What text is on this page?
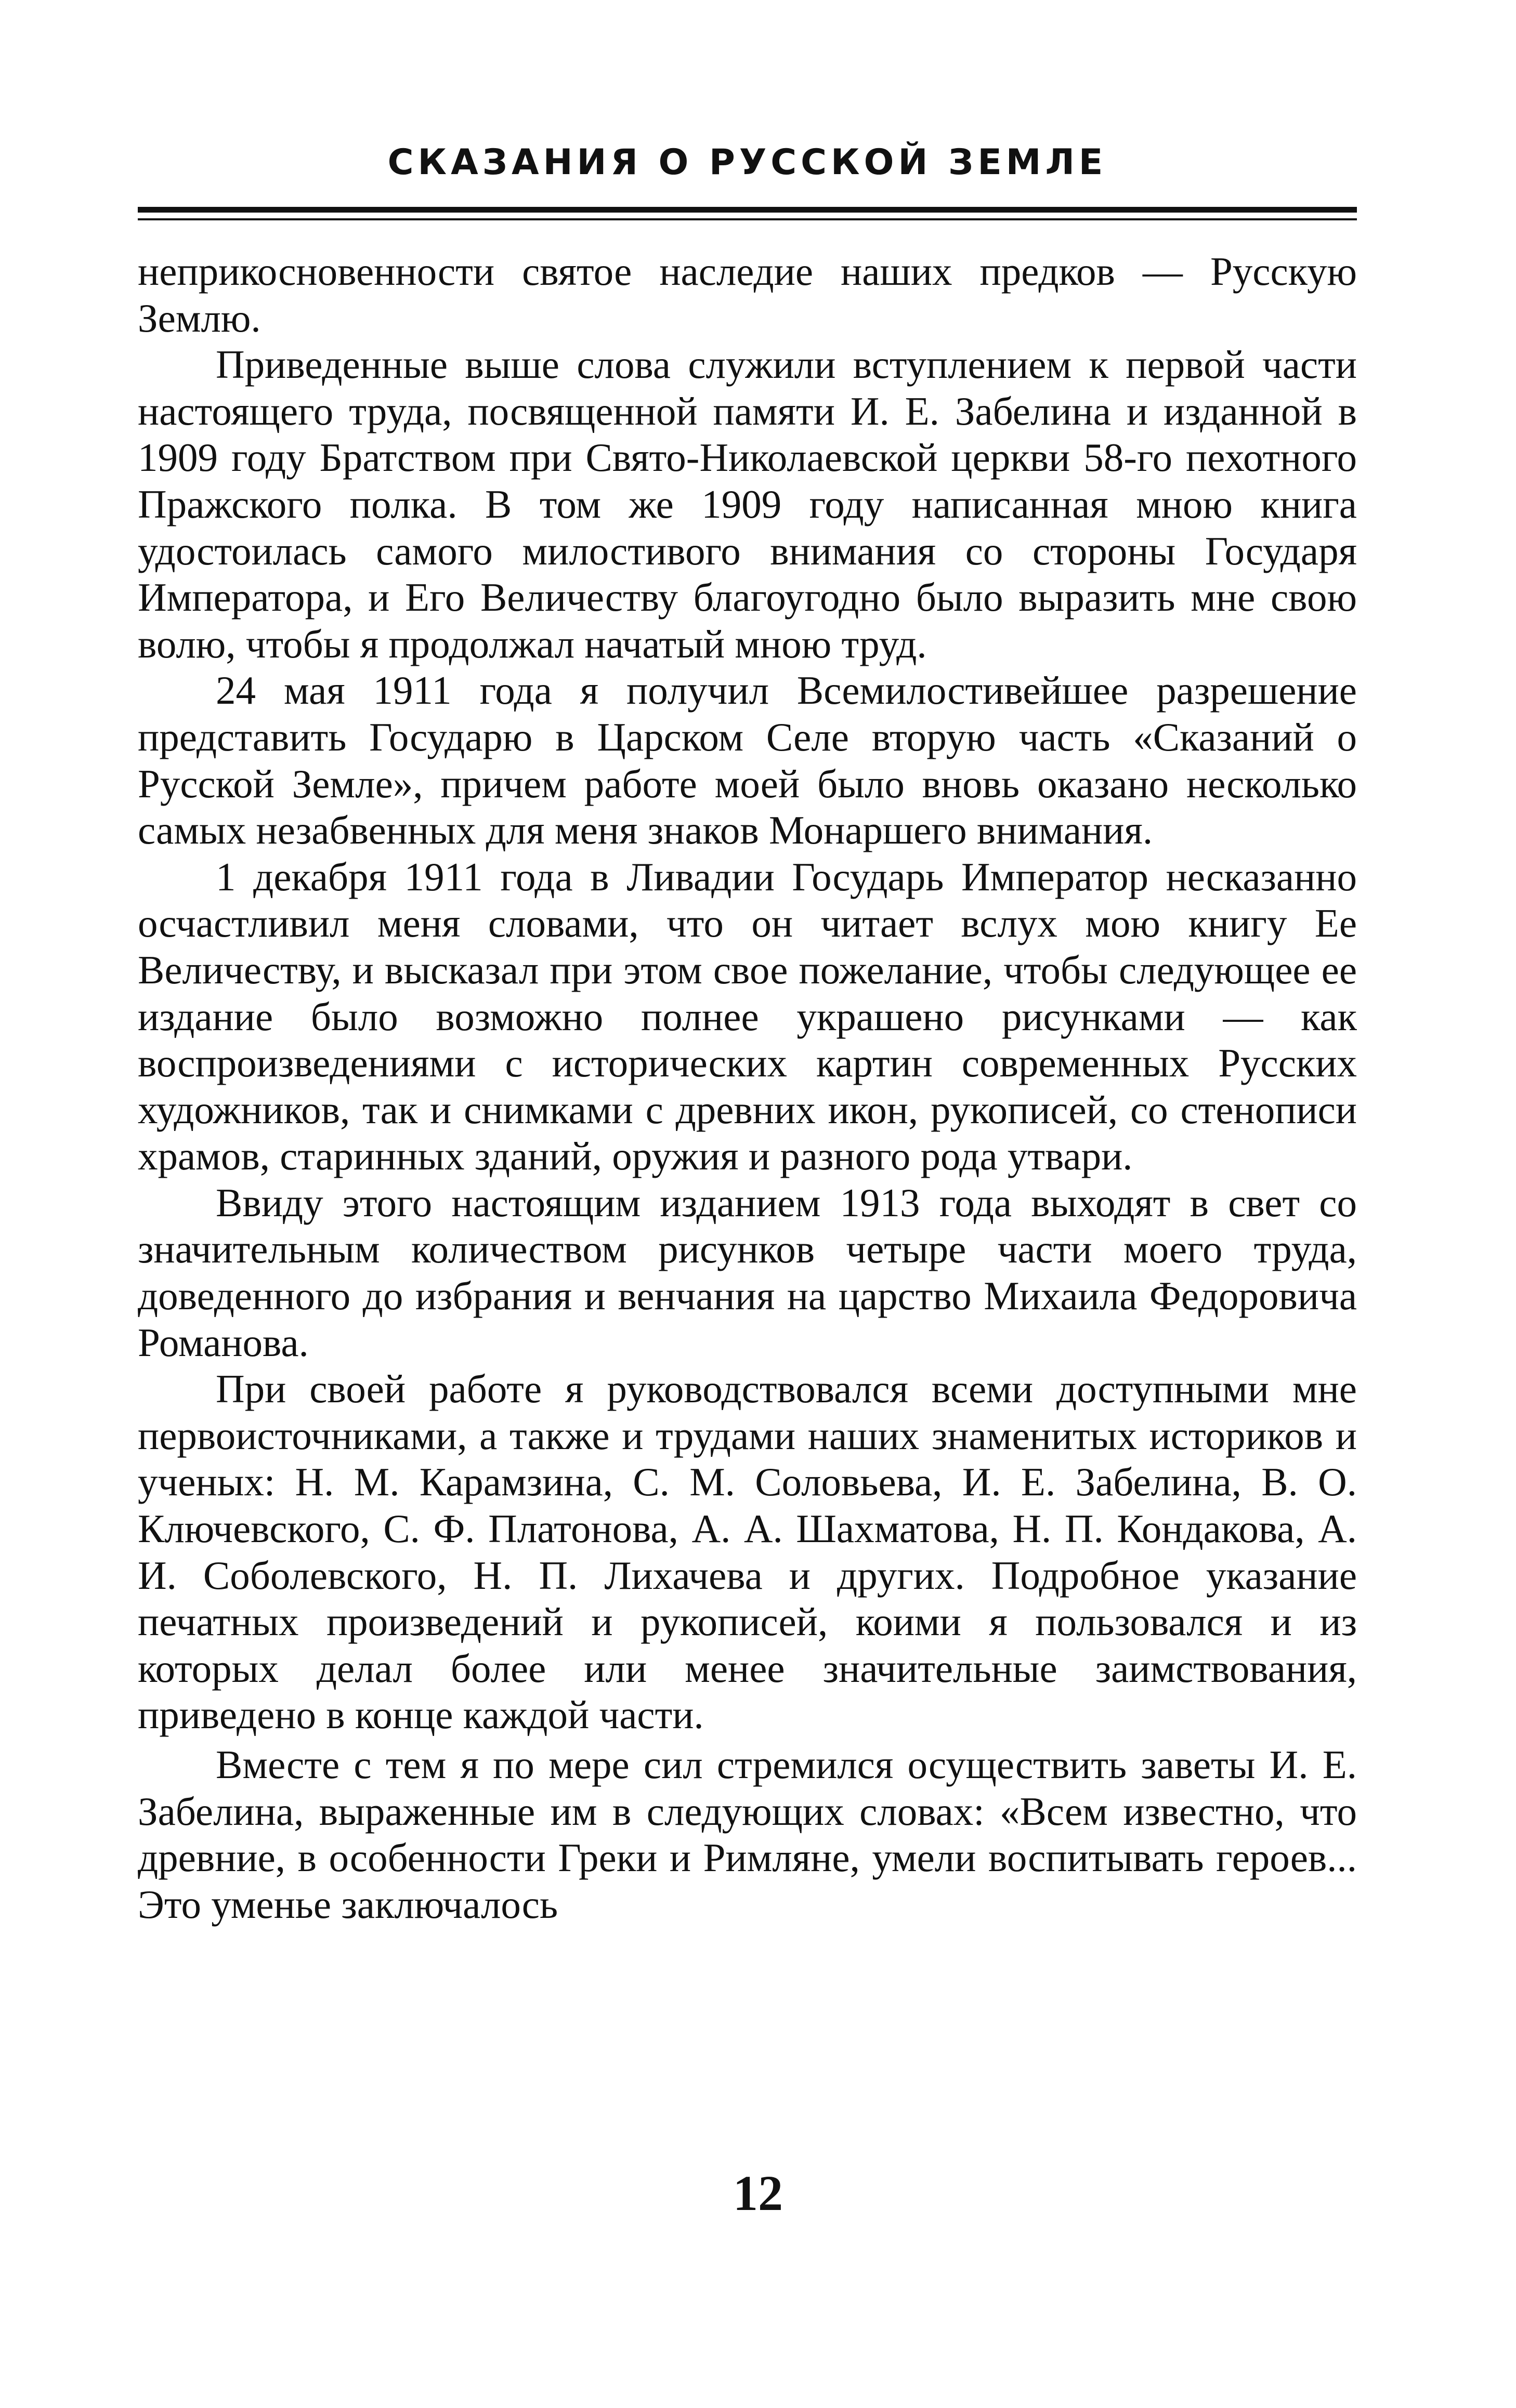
СКАЗАНИЯ О РУССКОЙ ЗЕМЛЕ

неприкосновенности святое наследие наших предков — Русскую Землю.

Приведенные выше слова служили вступлением к первой части настоящего труда, посвященной памяти И. Е. Забелина и изданной в 1909 году Братством при Свято-Николаевской церкви 58-го пехотного Пражского полка. В том же 1909 году написанная мною книга удостоилась самого милостивого внимания со стороны Государя Императора, и Его Величеству благоугодно было выразить мне свою волю, чтобы я продолжал начатый мною труд.

24 мая 1911 года я получил Всемилостивейшее разрешение представить Государю в Царском Селе вторую часть «Сказаний о Русской Земле», причем работе моей было вновь оказано несколько самых незабвенных для меня знаков Монаршего внимания.

1 декабря 1911 года в Ливадии Государь Император несказанно осчастливил меня словами, что он читает вслух мою книгу Ее Величеству, и высказал при этом свое пожелание, чтобы следующее ее издание было возможно полнее украшено рисунками — как воспроизведениями с исторических картин современных Русских художников, так и снимками с древних икон, рукописей, со стенописи храмов, старинных зданий, оружия и разного рода утвари.

Ввиду этого настоящим изданием 1913 года выходят в свет со значительным количеством рисунков четыре части моего труда, доведенного до избрания и венчания на царство Михаила Федоровича Романова.

При своей работе я руководствовался всеми доступными мне первоисточниками, а также и трудами наших знаменитых историков и ученых: Н. М. Карамзина, С. М. Соловьева, И. Е. Забелина, В. О. Ключевского, С. Ф. Платонова, А. А. Шахматова, Н. П. Кондакова, А. И. Соболевского, Н. П. Лихачева и других. Подробное указание печатных произведений и рукописей, коими я пользовался и из которых делал более или менее значительные заимствования, приведено в конце каждой части.

Вместе с тем я по мере сил стремился осуществить заветы И. Е. Забелина, выраженные им в следующих словах: «Всем известно, что древние, в особенности Греки и Римляне, умели воспитывать героев... Это уменье заключалось

12
